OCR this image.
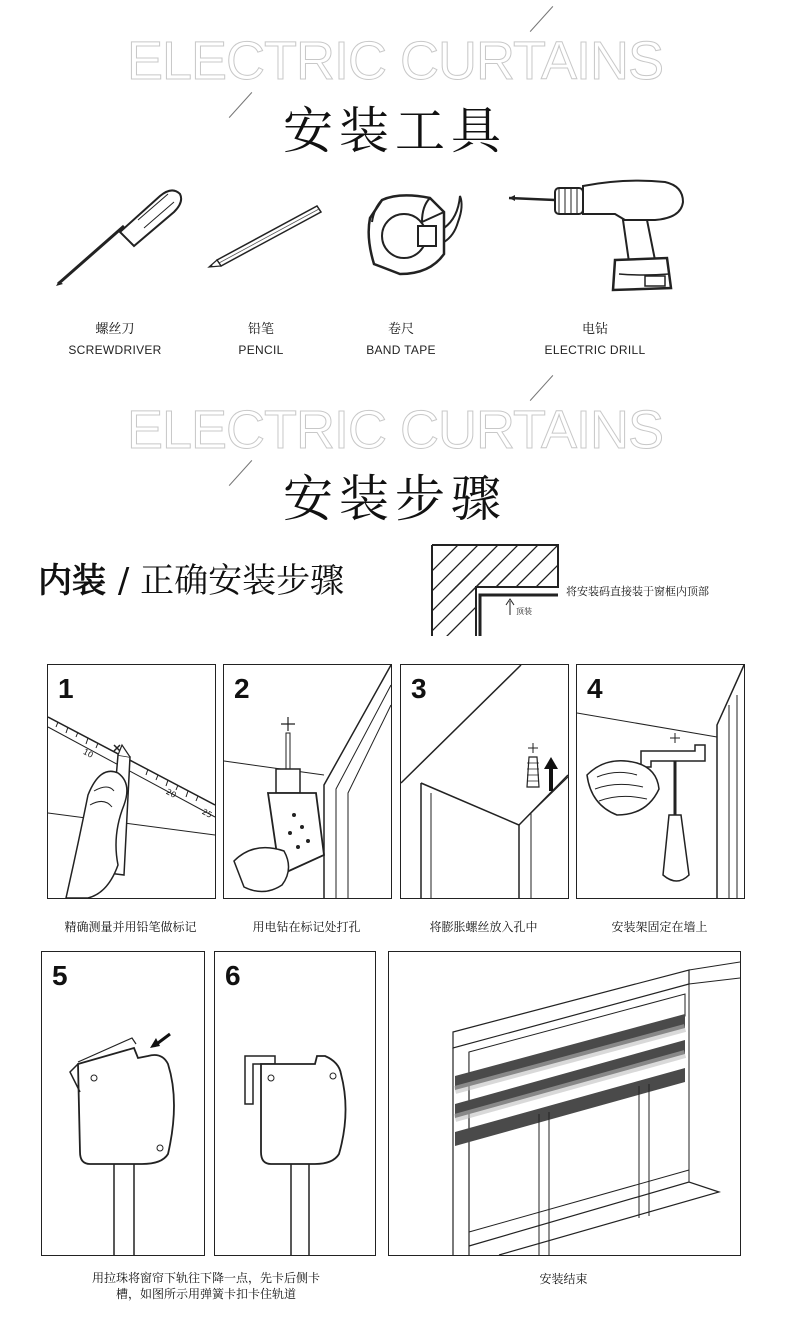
ELECTRIC CURTAINS
安装工具
螺丝刀
SCREWDRIVER
铅笔
PENCIL
卷尺
BAND TAPE
电钻
ELECTRIC DRILL
ELECTRIC CURTAINS
安装步骤
内装 / 正确安装步骤	将安装码直接装于窗框内顶部
顶装
1
10
20
25
2	3	4
精确测量并用铅笔做标记	用电钻在标记处打孔	将膨胀螺丝放入孔中	安装架固定在墙上
5	6
用拉珠将窗帘下轨往下降一点，先卡后侧卡
槽，如图所示用弹簧卡扣卡住轨道
安装结束
